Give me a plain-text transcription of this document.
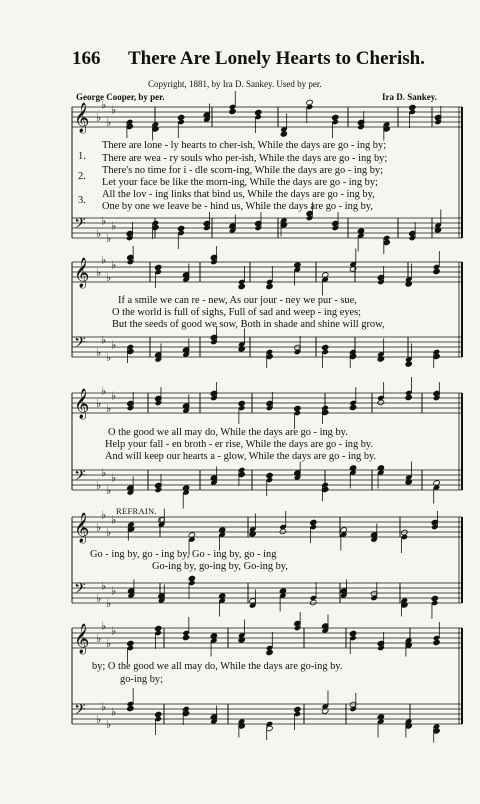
166 There Are Lonely Hearts to Cherish.
Copyright, 1881, by Ira D. Sankey. Used by per.
George Cooper, by per.	Ira D. Sankey.
𝄞
𝄢
♭
♭
♭
♭
♭
♭
♭
♭
𝄞
𝄢
♭
♭
♭
♭
♭
♭
♭
♭
𝄞
𝄢
♭
♭
♭
♭
♭
♭
♭
♭
𝄞
𝄢
♭
♭
♭
♭
♭
♭
♭
♭
𝄞
𝄢
♭
♭
♭
♭
♭
♭
♭
♭
1.
2.
3.
There are lone - ly hearts to cher-ish, While the days are go - ing by;
There are wea - ry souls who per-ish, While the days are go - ing by;
There's no time for i - dle scorn-ing, While the days are go - ing by;
Let your face be like the morn-ing, While the days are go - ing by;
All the lov - ing links that bind us, While the days are go - ing by,
One by one we leave be - hind us, While the days are go - ing by,
If a smile we can re - new, As our jour - ney we pur - sue,
O the world is full of sighs, Full of sad and weep - ing eyes;
But the seeds of good we sow, Both in shade and shine will grow,
O the good we all may do, While the days are go - ing by.
Help your fall - en broth - er rise, While the days are go - ing by.
And will keep our hearts a - glow, While the days are go - ing by.
REFRAIN.
Go - ing by, go - ing by, Go - ing by, go - ing
Go-ing by, go-ing by, Go-ing by,
by; O the good we all may do, While the days are go-ing by.
go-ing by;
